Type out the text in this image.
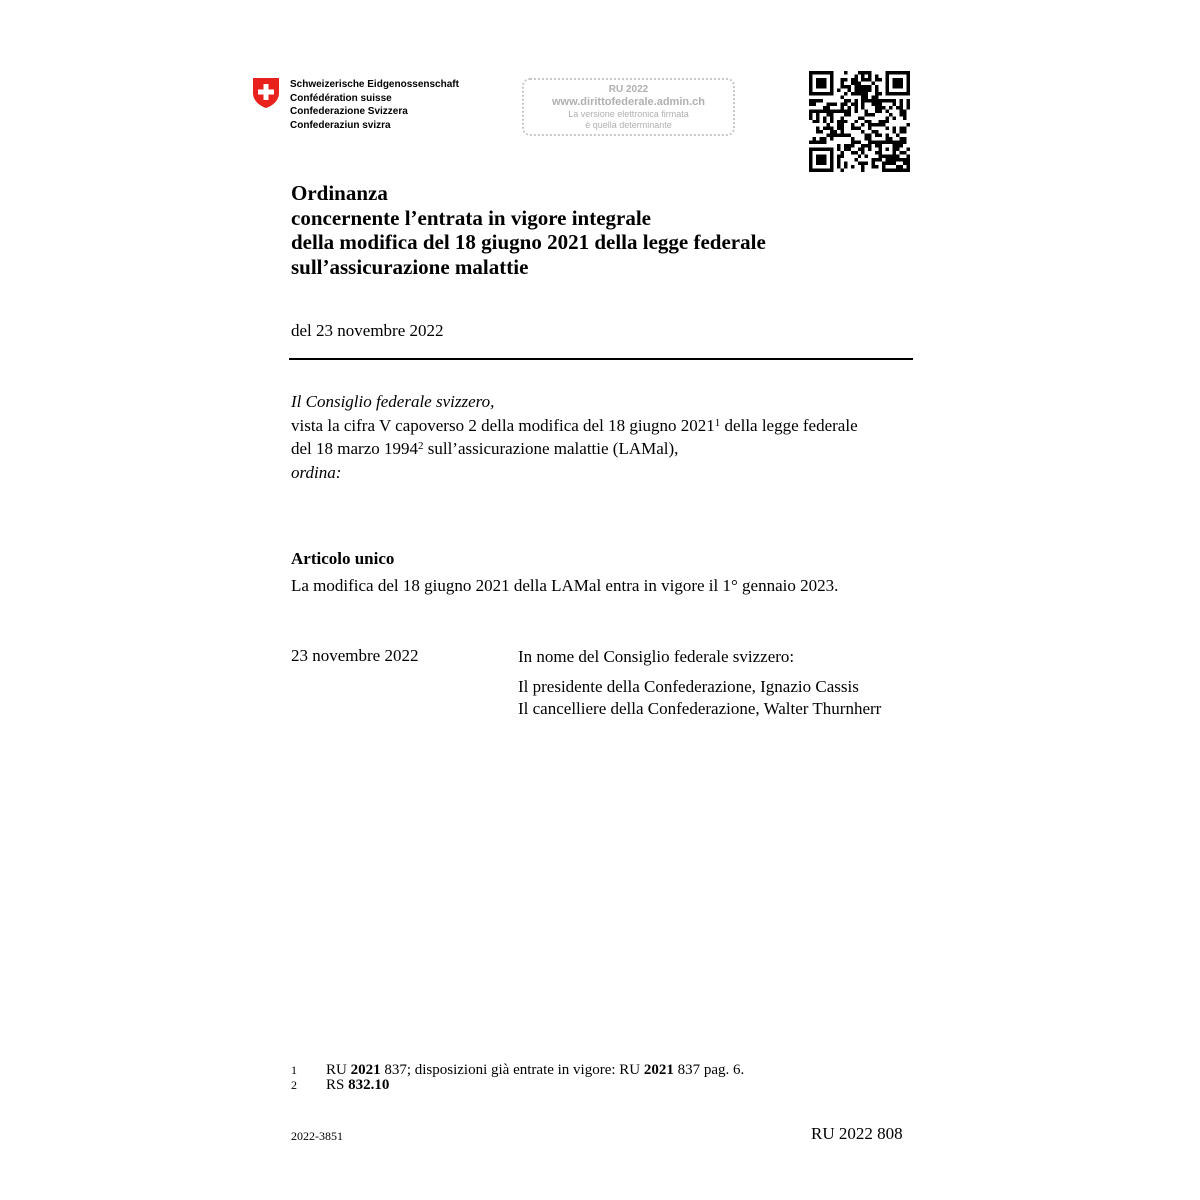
Schweizerische Eidgenossenschaft
Confédération suisse
Confederazione Svizzera
Confederaziun svizra
RU 2022
www.dirittofederale.admin.ch
La versione elettronica firmata
è quella determinante
Ordinanza
concernente l’entrata in vigore integrale
della modifica del 18 giugno 2021 della legge federale
sull’assicurazione malattie
del 23 novembre 2022
Il Consiglio federale svizzero,
vista la cifra V capoverso 2 della modifica del 18 giugno 2021$^1$ della legge federale
del 18 marzo 1994$^2$ sull’assicurazione malattie (LAMal),
ordina:
Articolo unico
La modifica del 18 giugno 2021 della LAMal entra in vigore il 1° gennaio 2023.
23 novembre 2022	In nome del Consiglio federale svizzero:
Il presidente della Confederazione, Ignazio Cassis
Il cancelliere della Confederazione, Walter Thurnherr
1	RU 2021 837; disposizioni già entrate in vigore: RU 2021 837 pag. 6.
2	RS 832.10
2022-3851	RU 2022 808
